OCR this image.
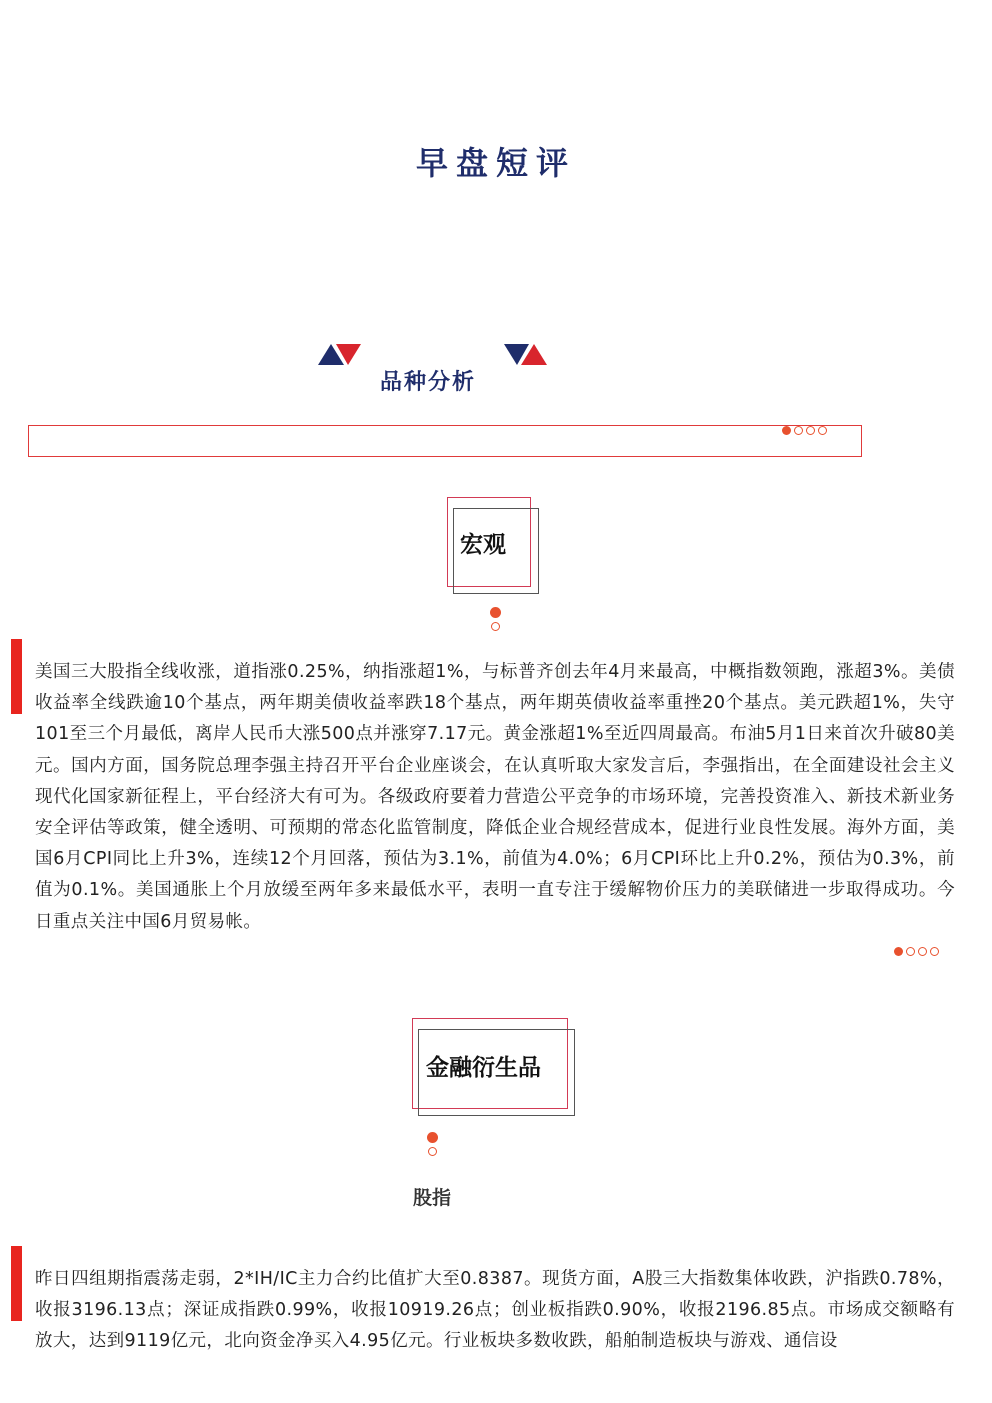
早盘短评
品种分析
宏观
美国三大股指全线收涨，道指涨0.25%，纳指涨超1%，与标普齐创去年4月来最高，中概指数领跑，涨超3%。美债收益率全线跌逾10个基点，两年期美债收益率跌18个基点，两年期英债收益率重挫20个基点。美元跌超1%，失守101至三个月最低，离岸人民币大涨500点并涨穿7.17元。黄金涨超1%至近四周最高。布油5月1日来首次升破80美元。国内方面，国务院总理李强主持召开平台企业座谈会，在认真听取大家发言后，李强指出，在全面建设社会主义现代化国家新征程上，平台经济大有可为。各级政府要着力营造公平竞争的市场环境，完善投资准入、新技术新业务安全评估等政策，健全透明、可预期的常态化监管制度，降低企业合规经营成本，促进行业良性发展。海外方面，美国6月CPI同比上升3%，连续12个月回落，预估为3.1%，前值为4.0%；6月CPI环比上升0.2%，预估为0.3%，前值为0.1%。美国通胀上个月放缓至两年多来最低水平，表明一直专注于缓解物价压力的美联储进一步取得成功。今日重点关注中国6月贸易帐。
金融衍生品
股指
昨日四组期指震荡走弱，2*IH/IC主力合约比值扩大至0.8387。现货方面，A股三大指数集体收跌，沪指跌0.78%，收报3196.13点；深证成指跌0.99%，收报10919.26点；创业板指跌0.90%，收报2196.85点。市场成交额略有放大，达到9119亿元，北向资金净买入4.95亿元。行业板块多数收跌，船舶制造板块与游戏、通信设
